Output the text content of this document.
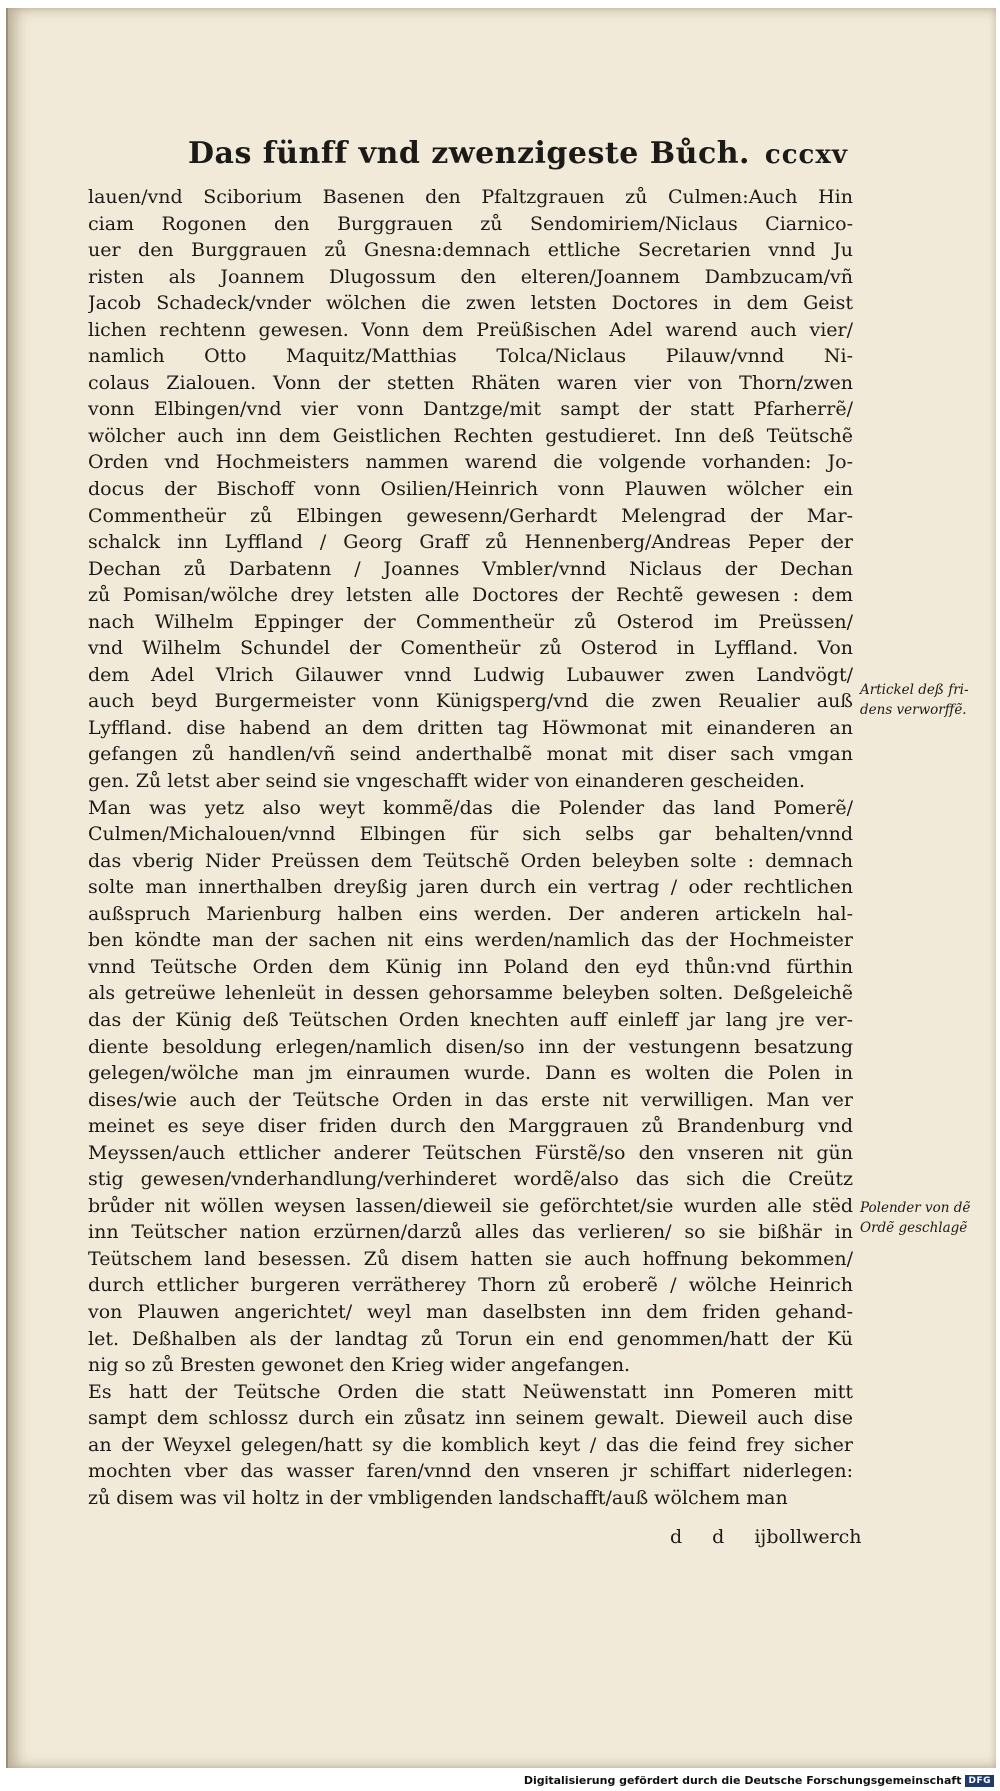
Das fünff vnd zwenzigeste Bůch. cccxv
lauen/vnd Sciborium Basenen den Pfaltzgrauen zů Culmen:Auch Hin
ciam Rogonen den Burggrauen zů Sendomiriem/Niclaus Ciarnico-
uer den Burggrauen zů Gnesna:demnach ettliche Secretarien vnnd Ju
risten als Joannem Dlugossum den elteren/Joannem Dambzucam/vñ
Jacob Schadeck/vnder wölchen die zwen letsten Doctores in dem Geist
lichen rechtenn gewesen. Vonn dem Preüßischen Adel warend auch vier/
namlich Otto Maquitz/Matthias Tolca/Niclaus Pilauw/vnnd Ni-
colaus Zialouen. Vonn der stetten Rhäten waren vier von Thorn/zwen
vonn Elbingen/vnd vier vonn Dantzge/mit sampt der statt Pfarherrẽ/
wölcher auch inn dem Geistlichen Rechten gestudieret. Inn deß Teütschẽ
Orden vnd Hochmeisters nammen warend die volgende vorhanden: Jo-
docus der Bischoff vonn Osilien/Heinrich vonn Plauwen wölcher ein
Commentheür zů Elbingen gewesenn/Gerhardt Melengrad der Mar-
schalck inn Lyffland / Georg Graff zů Hennenberg/Andreas Peper der
Dechan zů Darbatenn / Joannes Vmbler/vnnd Niclaus der Dechan
zů Pomisan/wölche drey letsten alle Doctores der Rechtẽ gewesen : dem
nach Wilhelm Eppinger der Commentheür zů Osterod im Preüssen/
vnd Wilhelm Schundel der Comentheür zů Osterod in Lyffland. Von
dem Adel Vlrich Gilauwer vnnd Ludwig Lubauwer zwen Landvögt/
auch beyd Burgermeister vonn Künigsperg/vnd die zwen Reualier auß
Lyffland. dise habend an dem dritten tag Höwmonat mit einanderen an
gefangen zů handlen/vñ seind anderthalbẽ monat mit diser sach vmgan
gen. Zů letst aber seind sie vngeschafft wider von einanderen gescheiden.
Man was yetz also weyt kommẽ/das die Polender das land Pomerẽ/
Culmen/Michalouen/vnnd Elbingen für sich selbs gar behalten/vnnd
das vberig Nider Preüssen dem Teütschẽ Orden beleyben solte : demnach
solte man innerthalben dreyßig jaren durch ein vertrag / oder rechtlichen
außspruch Marienburg halben eins werden. Der anderen artickeln hal-
ben köndte man der sachen nit eins werden/namlich das der Hochmeister
vnnd Teütsche Orden dem Künig inn Poland den eyd thůn:vnd fürthin
als getreüwe lehenleüt in dessen gehorsamme beleyben solten. Deßgeleichẽ
das der Künig deß Teütschen Orden knechten auff einleff jar lang jre ver-
diente besoldung erlegen/namlich disen/so inn der vestungenn besatzung
gelegen/wölche man jm einraumen wurde. Dann es wolten die Polen in
dises/wie auch der Teütsche Orden in das erste nit verwilligen. Man ver
meinet es seye diser friden durch den Marggrauen zů Brandenburg vnd
Meyssen/auch ettlicher anderer Teütschen Fürstẽ/so den vnseren nit gün
stig gewesen/vnderhandlung/verhinderet wordẽ/also das sich die Creütz
brůder nit wöllen weysen lassen/dieweil sie geförchtet/sie wurden alle stëd
inn Teütscher nation erzürnen/darzů alles das verlieren/ so sie bißhär in
Teütschem land besessen. Zů disem hatten sie auch hoffnung bekommen/
durch ettlicher burgeren verrätherey Thorn zů eroberẽ / wölche Heinrich
von Plauwen angerichtet/ weyl man daselbsten inn dem friden gehand-
let. Deßhalben als der landtag zů Torun ein end genommen/hatt der Kü
nig so zů Bresten gewonet den Krieg wider angefangen.
Es hatt der Teütsche Orden die statt Neüwenstatt inn Pomeren mitt
sampt dem schlossz durch ein zůsatz inn seinem gewalt. Dieweil auch dise
an der Weyxel gelegen/hatt sy die komblich keyt / das die feind frey sicher
mochten vber das wasser faren/vnnd den vnseren jr schiffart niderlegen:
zů disem was vil holtz in der vmbligenden landschafft/auß wölchem man
Artickel deß fri-
dens verworffẽ.
Polender von dẽ
Ordẽ geschlagẽ
d d ij bollwerch
Digitalisierung gefördert durch die Deutsche Forschungsgemeinschaft DFG
